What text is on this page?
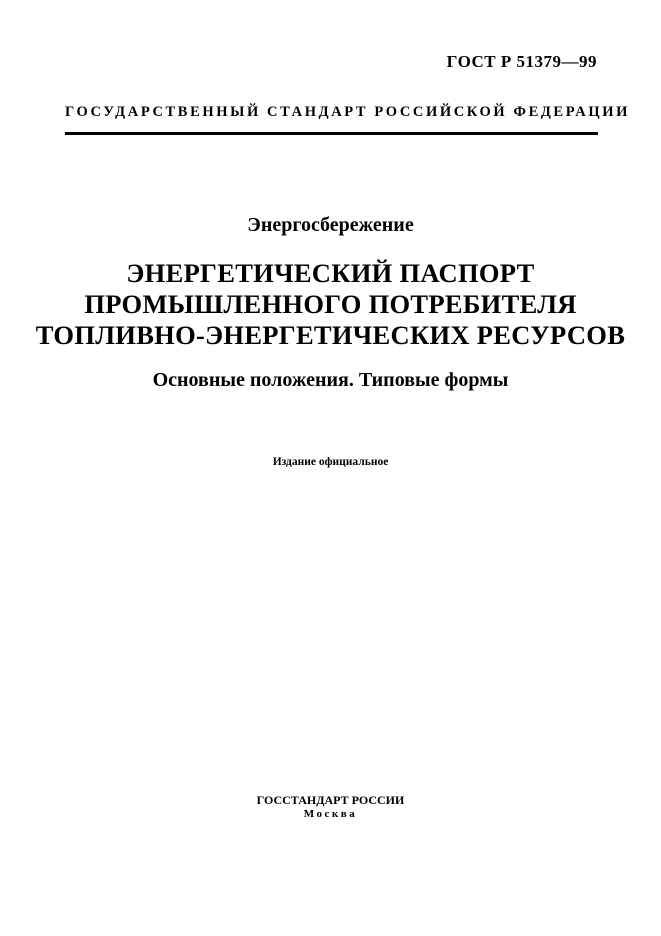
ГОСТ Р 51379—99
ГОСУДАРСТВЕННЫЙ СТАНДАРТ РОССИЙСКОЙ ФЕДЕРАЦИИ
Энергосбережение
ЭНЕРГЕТИЧЕСКИЙ ПАСПОРТ
ПРОМЫШЛЕННОГО ПОТРЕБИТЕЛЯ
ТОПЛИВНО-ЭНЕРГЕТИЧЕСКИХ РЕСУРСОВ
Основные положения. Типовые формы
Издание официальное
ГОССТАНДАРТ РОССИИ
Москва
